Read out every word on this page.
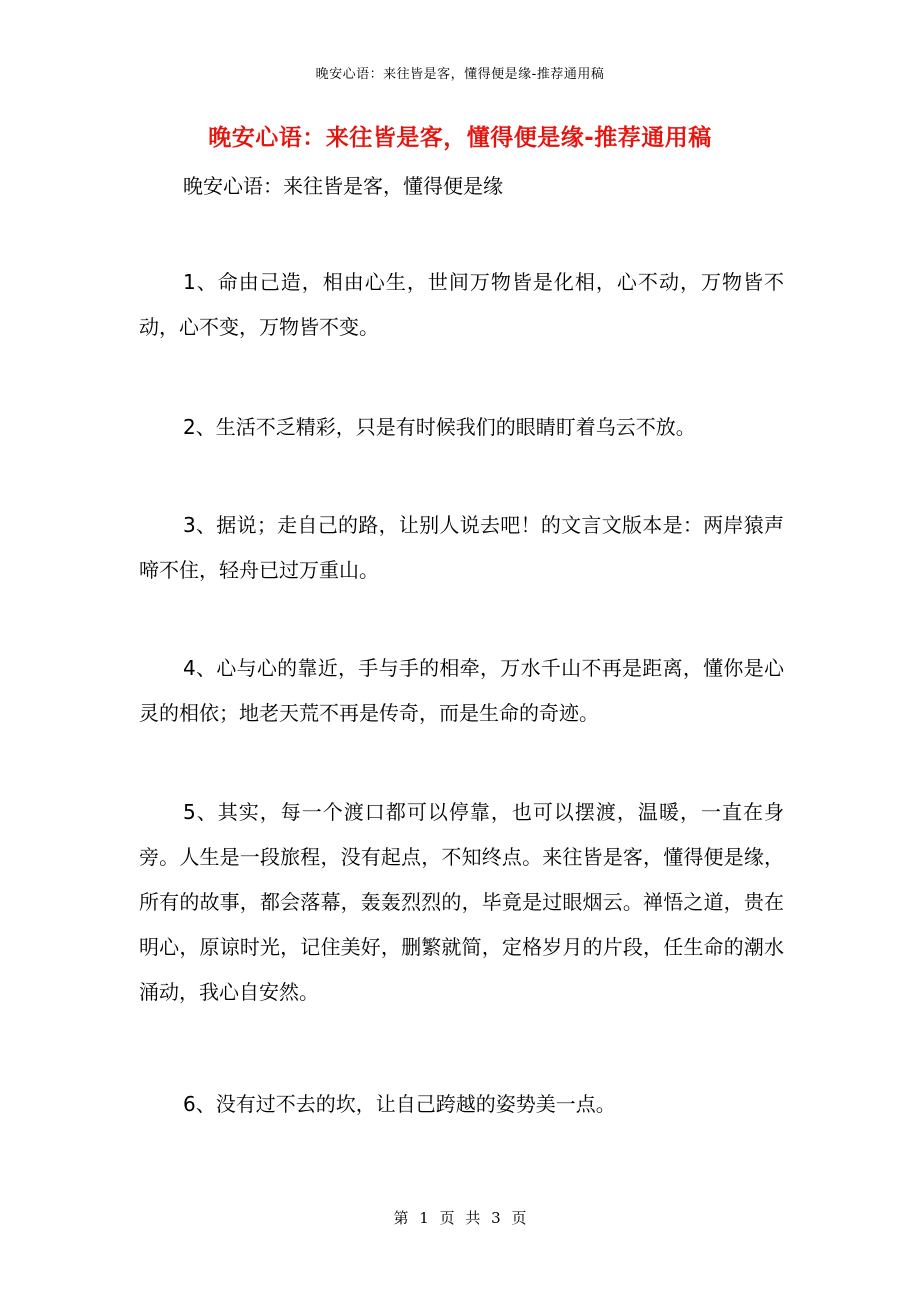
晚安心语：来往皆是客，懂得便是缘-推荐通用稿
晚安心语：来往皆是客，懂得便是缘-推荐通用稿
晚安心语：来往皆是客，懂得便是缘
1、命由己造，相由心生，世间万物皆是化相，心不动，万物皆不动，心不变，万物皆不变。
2、生活不乏精彩，只是有时候我们的眼睛盯着乌云不放。
3、据说；走自己的路，让别人说去吧！的文言文版本是：两岸猿声啼不住，轻舟已过万重山。
4、心与心的靠近，手与手的相牵，万水千山不再是距离，懂你是心灵的相依；地老天荒不再是传奇，而是生命的奇迹。
5、其实，每一个渡口都可以停靠，也可以摆渡，温暖，一直在身旁。人生是一段旅程，没有起点，不知终点。来往皆是客，懂得便是缘，所有的故事，都会落幕，轰轰烈烈的，毕竟是过眼烟云。禅悟之道，贵在明心，原谅时光，记住美好，删繁就简，定格岁月的片段，任生命的潮水涌动，我心自安然。
6、没有过不去的坎，让自己跨越的姿势美一点。
第 1 页 共 3 页
